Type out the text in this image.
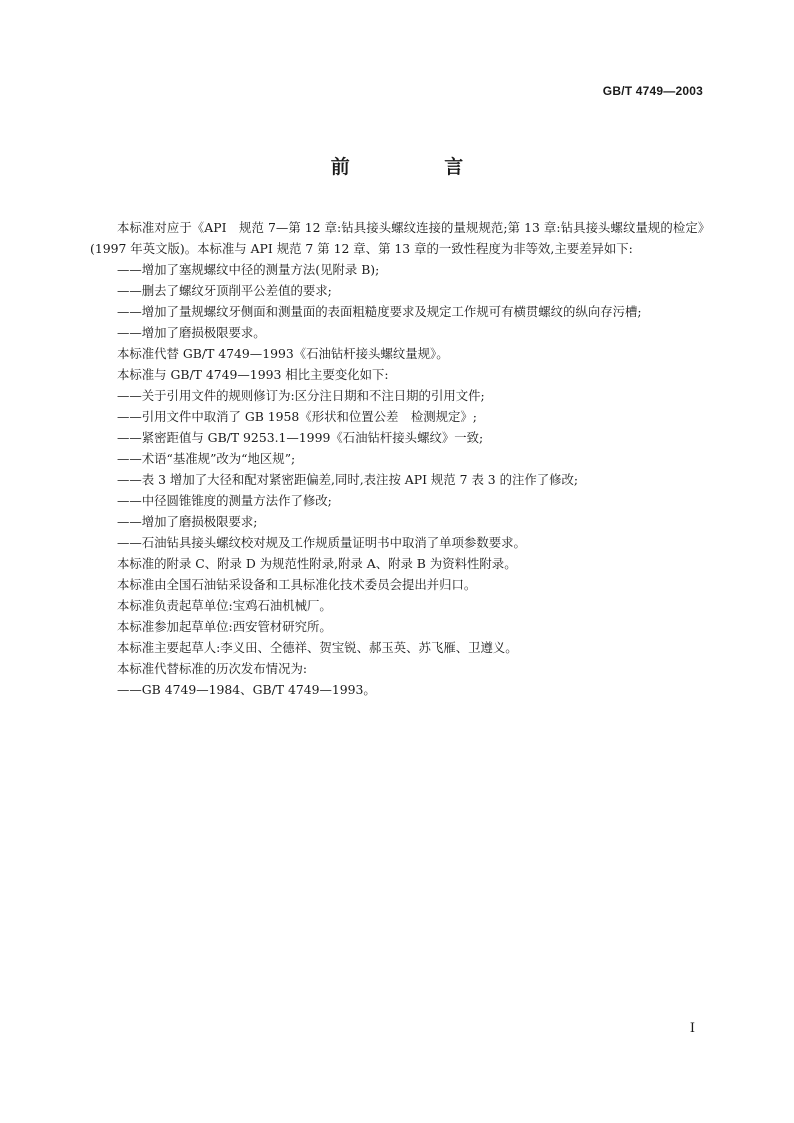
GB/T 4749—2003
前 言

本标准对应于《API　规范 7—第 12 章:钻具接头螺纹连接的量规规范;第 13 章:钻具接头螺纹量规的检定》(1997 年英文版)。本标准与 API 规范 7 第 12 章、第 13 章的一致性程度为非等效,主要差异如下:

——增加了塞规螺纹中径的测量方法(见附录 B);

——删去了螺纹牙顶削平公差值的要求;

——增加了量规螺纹牙侧面和测量面的表面粗糙度要求及规定工作规可有横贯螺纹的纵向存污槽;

——增加了磨损极限要求。

本标准代替 GB/T 4749—1993《石油钻杆接头螺纹量规》。

本标准与 GB/T 4749—1993 相比主要变化如下:

——关于引用文件的规则修订为:区分注日期和不注日期的引用文件;

——引用文件中取消了 GB 1958《形状和位置公差　检测规定》;

——紧密距值与 GB/T 9253.1—1999《石油钻杆接头螺纹》一致;

——术语“基准规”改为“地区规”;

——表 3 增加了大径和配对紧密距偏差,同时,表注按 API 规范 7 表 3 的注作了修改;

——中径圆锥锥度的测量方法作了修改;

——增加了磨损极限要求;

——石油钻具接头螺纹校对规及工作规质量证明书中取消了单项参数要求。

本标准的附录 C、附录 D 为规范性附录,附录 A、附录 B 为资料性附录。

本标准由全国石油钻采设备和工具标准化技术委员会提出并归口。

本标准负责起草单位:宝鸡石油机械厂。

本标准参加起草单位:西安管材研究所。

本标准主要起草人:李义田、仝德祥、贺宝锐、郝玉英、苏飞雁、卫遵义。

本标准代替标准的历次发布情况为:

——GB 4749—1984、GB/T 4749—1993。

I
